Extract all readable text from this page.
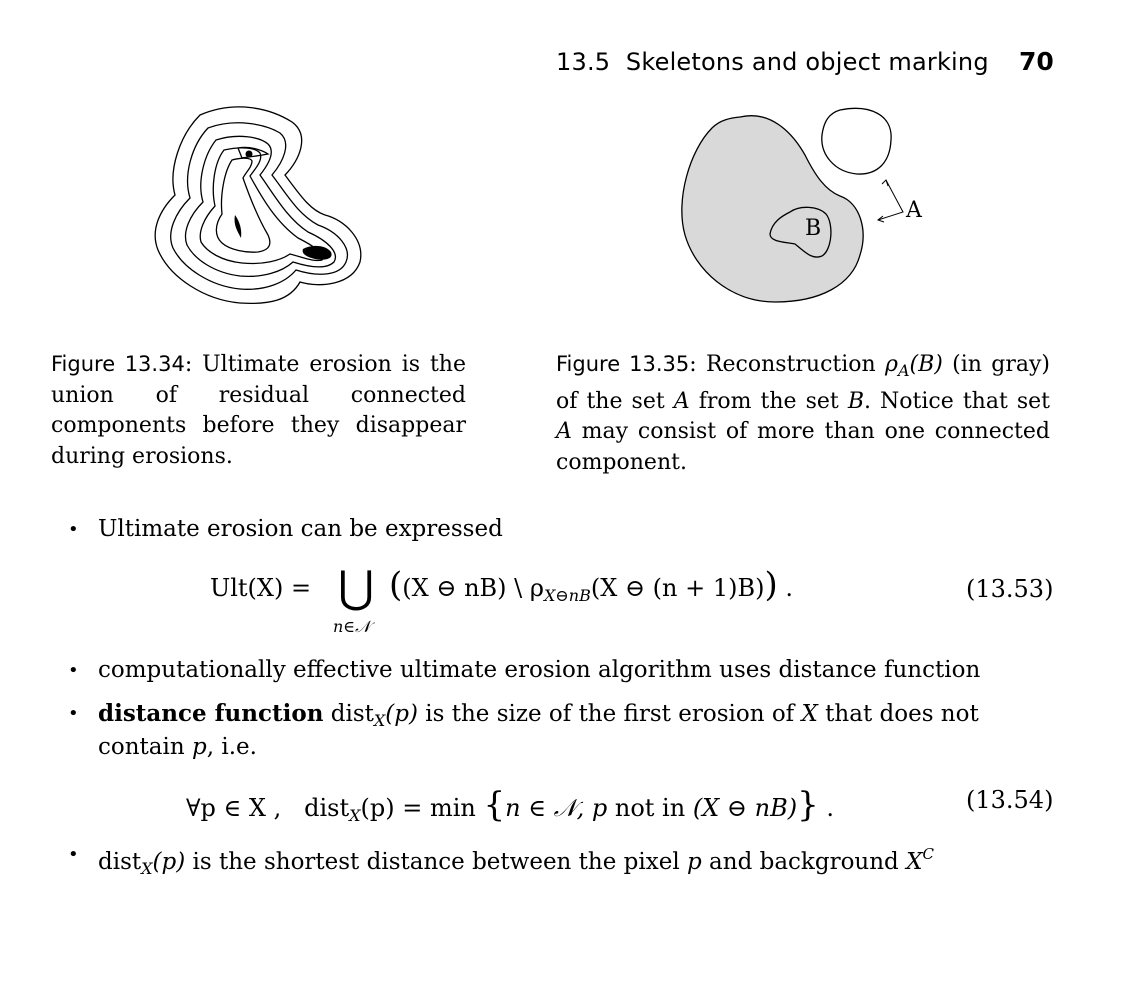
13.5 Skeletons and object marking 70
A
B
Figure 13.34: Ultimate erosion is the union of residual connected components before they disappear during erosions.
Figure 13.35: Reconstruction $\rho_A(B)$ (in gray) of the set A from the set B. Notice that set A may consist of more than one connected component.
• Ultimate erosion can be expressed
Ult(X) = ⋃
n∈𝒩
((X ⊖ nB) \ $\rho_{X⊖nB}(X$ ⊖ (n + 1)B)) .	(13.53)
• computationally effective ultimate erosion algorithm uses distance function
• distance function dist$_X$(p) is the size of the first erosion of X that does not
contain p, i.e.
∀p ∈ X , dist$_X$(p) = min {n ∈ 𝒩, p not in (X ⊖ nB)} .	(13.54)
• dist$_X$(p) is the shortest distance between the pixel p and background $X^C$
